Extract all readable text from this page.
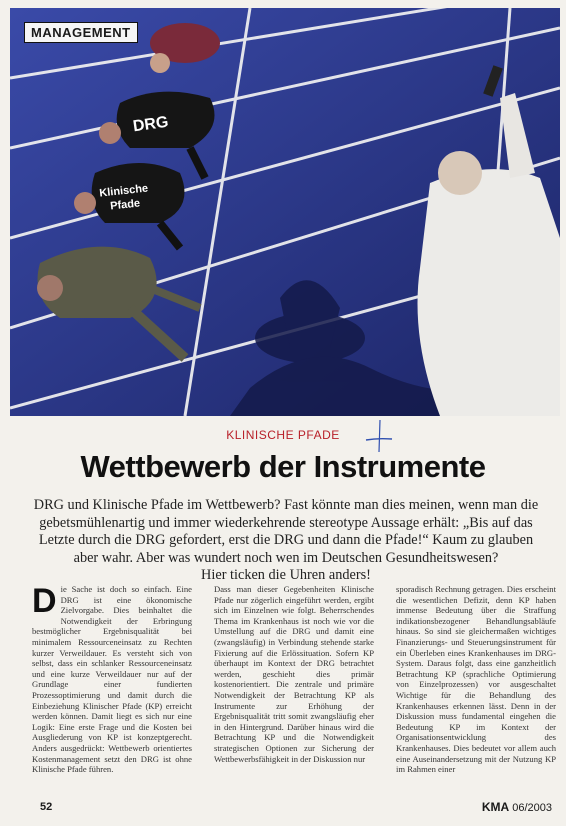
MANAGEMENT
DRG
Klinische
Pfade
KLINISCHE PFADE
Wettbewerb der Instrumente
DRG und Klinische Pfade im Wettbewerb? Fast könnte man dies meinen, wenn man die
gebetsmühlenartig und immer wiederkehrende stereotype Aussage erhält: „Bis auf das
Letzte durch die DRG gefordert, erst die DRG und dann die Pfade!“ Kaum zu glauben
aber wahr. Aber was wundert noch wen im Deutschen Gesundheitswesen?
Hier ticken die Uhren anders!
Die Sache ist doch so einfach. Eine DRG ist eine ökonomische Zielvorgabe. Dies beinhaltet die Notwendigkeit der Erbringung bestmöglicher Ergebnisqualität bei minimalem Ressourceneinsatz zu Rechten kurzer Verweildauer. Es versteht sich von selbst, dass ein schlanker Ressourceneinsatz und eine kurze Verweildauer nur auf der Grundlage einer fundierten Prozessoptimierung und damit durch die Einbeziehung Klinischer Pfade (KP) erreicht werden können. Damit liegt es sich nur eine Logik: Eine erste Frage und die Kosten bei Ausgliederung von KP ist konzeptgerecht. Anders ausgedrückt: Wettbewerb orientiertes Kostenmanagement setzt den DRG ist ohne Klinische Pfade führen.
Dass man dieser Gegebenheiten Klinische Pfade nur zögerlich eingeführt werden, ergibt sich im Einzelnen wie folgt. Beherrschendes Thema im Krankenhaus ist noch wie vor die Umstellung auf die DRG und damit eine (zwangsläufig) in Verbindung stehende starke Fixierung auf die Erlössituation. Sofern KP überhaupt im Kontext der DRG betrachtet werden, geschieht dies primär kostenorientiert. Die zentrale und primäre Notwendigkeit der Betrachtung KP als Instrumente zur Erhöhung der Ergebnisqualität tritt somit zwangsläufig eher in den Hintergrund. Darüber hinaus wird die Betrachtung KP und die Notwendigkeit strategischen Optionen zur Sicherung der Wettbewerbsfähigkeit in der Diskussion nur
sporadisch Rechnung getragen. Dies erscheint die wesentlichen Defizit, denn KP haben immense Bedeutung über die Straffung indikationsbezogener Behandlungsabläufe hinaus. So sind sie gleichermaßen wichtiges Finanzierungs- und Steuerungsinstrument für ein Überleben eines Krankenhauses im DRG-System. Daraus folgt, dass eine ganzheitlich Betrachtung KP (sprachliche Optimierung von Einzelprozessen) vor ausgeschaltet Wichtige für die Behandlung des Krankenhauses erkennen lässt. Denn in der Diskussion muss fundamental eingehen die Bedeutung KP im Kontext der Organisationsentwicklung des Krankenhauses. Dies bedeutet vor allem auch eine Auseinandersetzung mit der Nutzung KP im Rahmen einer
52	KMA 06/2003
